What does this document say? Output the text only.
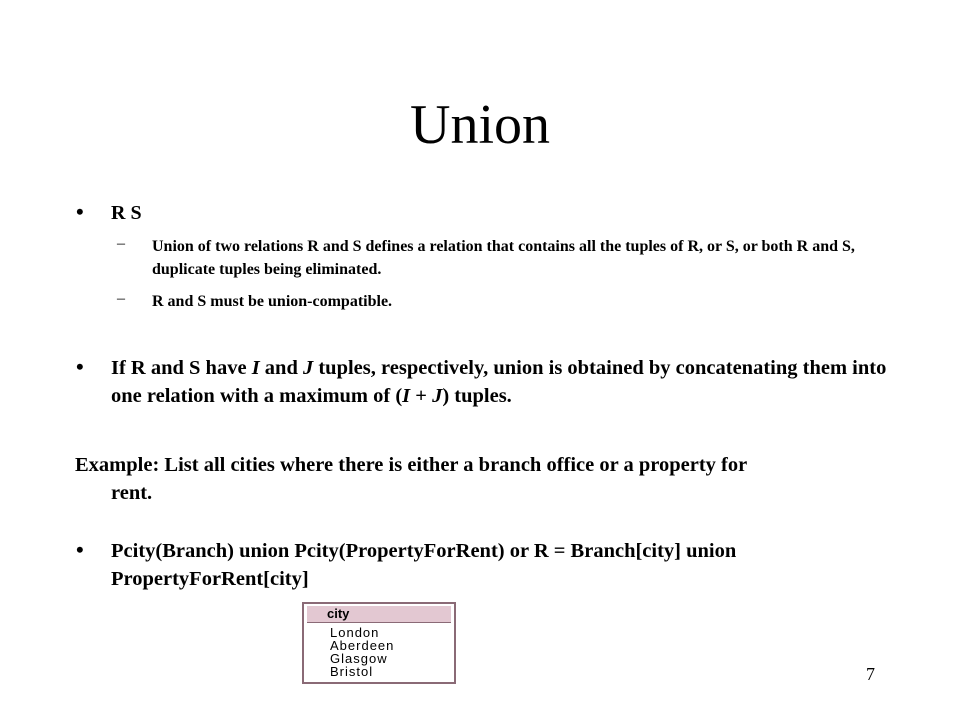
Union
• R S
– Union of two relations R and S defines a relation that contains all the tuples of R, or S, or both R and S, duplicate tuples being eliminated.
– R and S must be union-compatible.
• If R and S have I and J tuples, respectively, union is obtained by concatenating them into one relation with a maximum of (I + J) tuples.
Example: List all cities where there is either a branch office or a property for
rent.
• Pcity(Branch) union Pcity(PropertyForRent) or R = Branch[city] union
PropertyForRent[city]
city
London
Aberdeen
Glasgow
Bristol	7
